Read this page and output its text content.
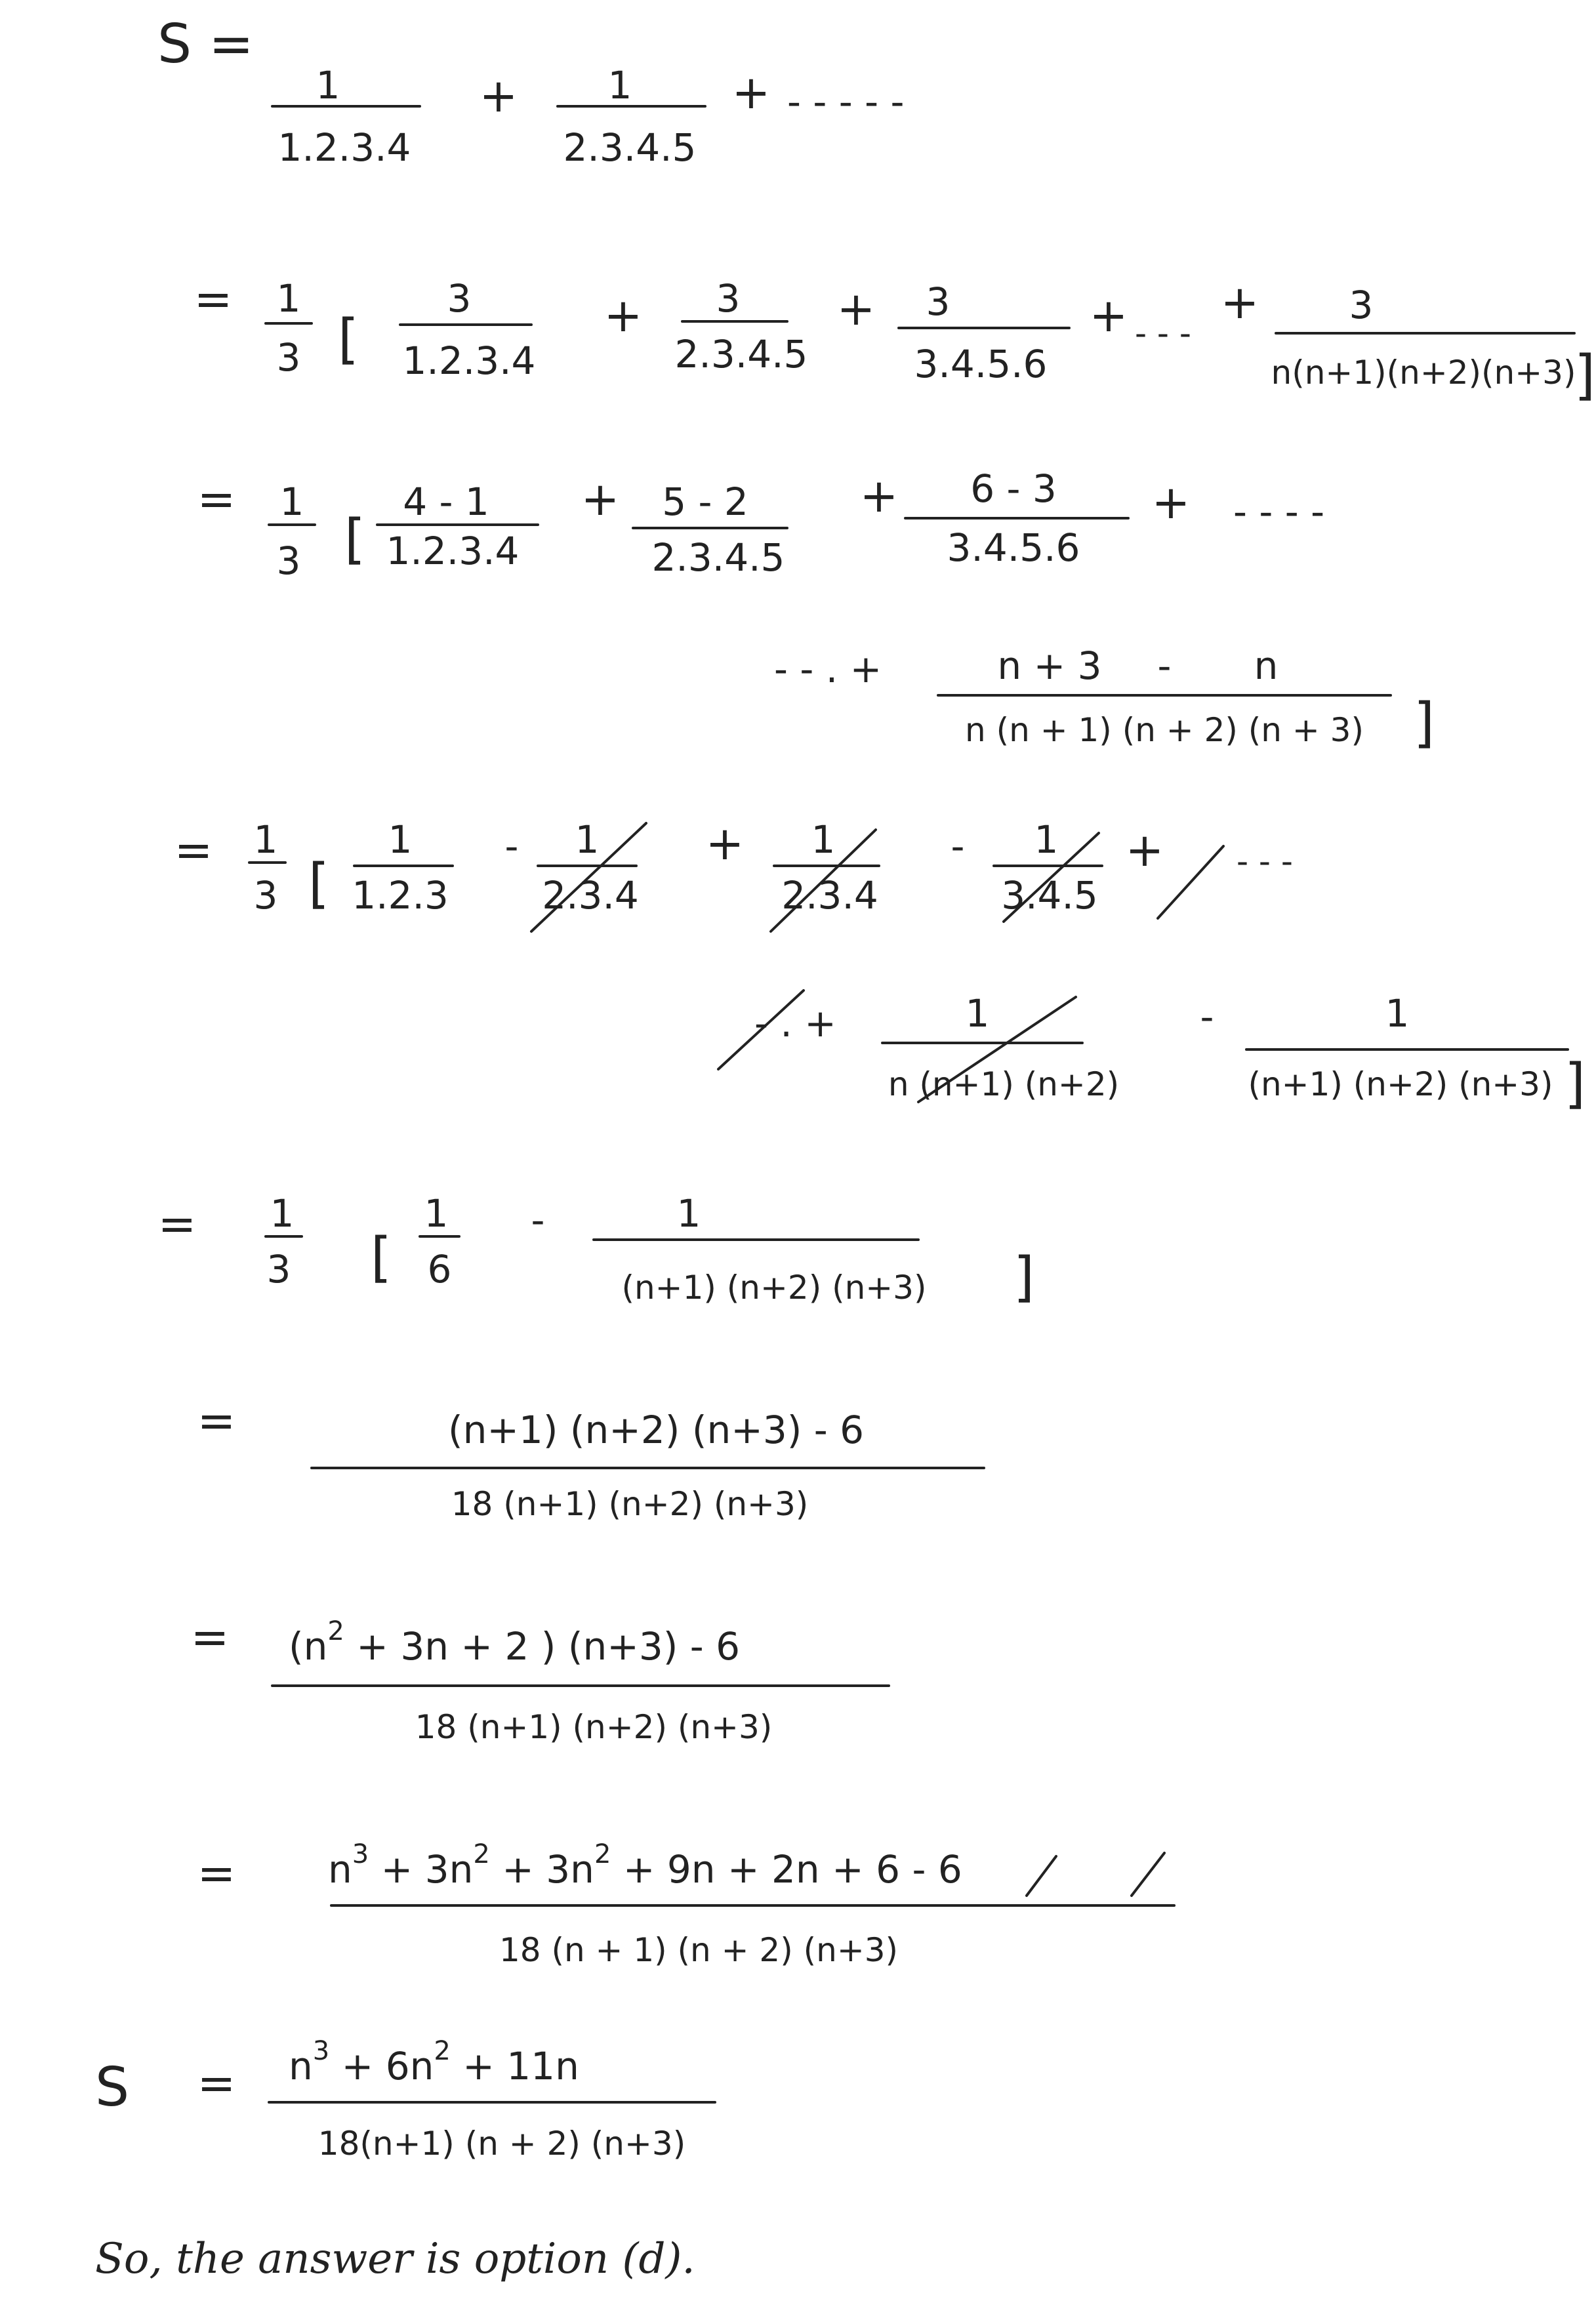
S =
1
1.2.3.4
+ 1
2.3.4.5
+ - - - - -
= 1
3 [
3
1.2.3.4
+ 3
2.3.4.5
+ 3
3.4.5.6
+ - - -
+ 3
n(n+1)(n+2)(n+3)
]
= 1
3 [
4 - 1
1.2.3.4
+ 5 - 2
2.3.4.5
+ 6 - 3
3.4.5.6
+ - - - -
- - . +	n + 3 - n
n (n + 1) (n + 2) (n + 3) ]
= 1
3 [
1
1.2.3
- 1
2.3.4
+ 1
2.3.4
- 1
3.4.5
+ - - -
- . +	1
n (n+1) (n+2)
-	1
(n+1) (n+2) (n+3) ]
= 1
3 [
1
6
-	1
(n+1) (n+2) (n+3) ]
=	(n+1) (n+2) (n+3) - 6
18 (n+1) (n+2) (n+3)
= ($n^2 + 3n + 2$ ) (n+3) - 6
18 (n+1) (n+2) (n+3)
= $n^3 + 3n^2 + 3n^2 + 9n + 2n + 6 - 6$
18 (n + 1) (n + 2) (n+3)
$S = n^3 + 6n^2 + 11n$
18(n+1) (n + 2) (n+3)
So, the answer is option (d).
